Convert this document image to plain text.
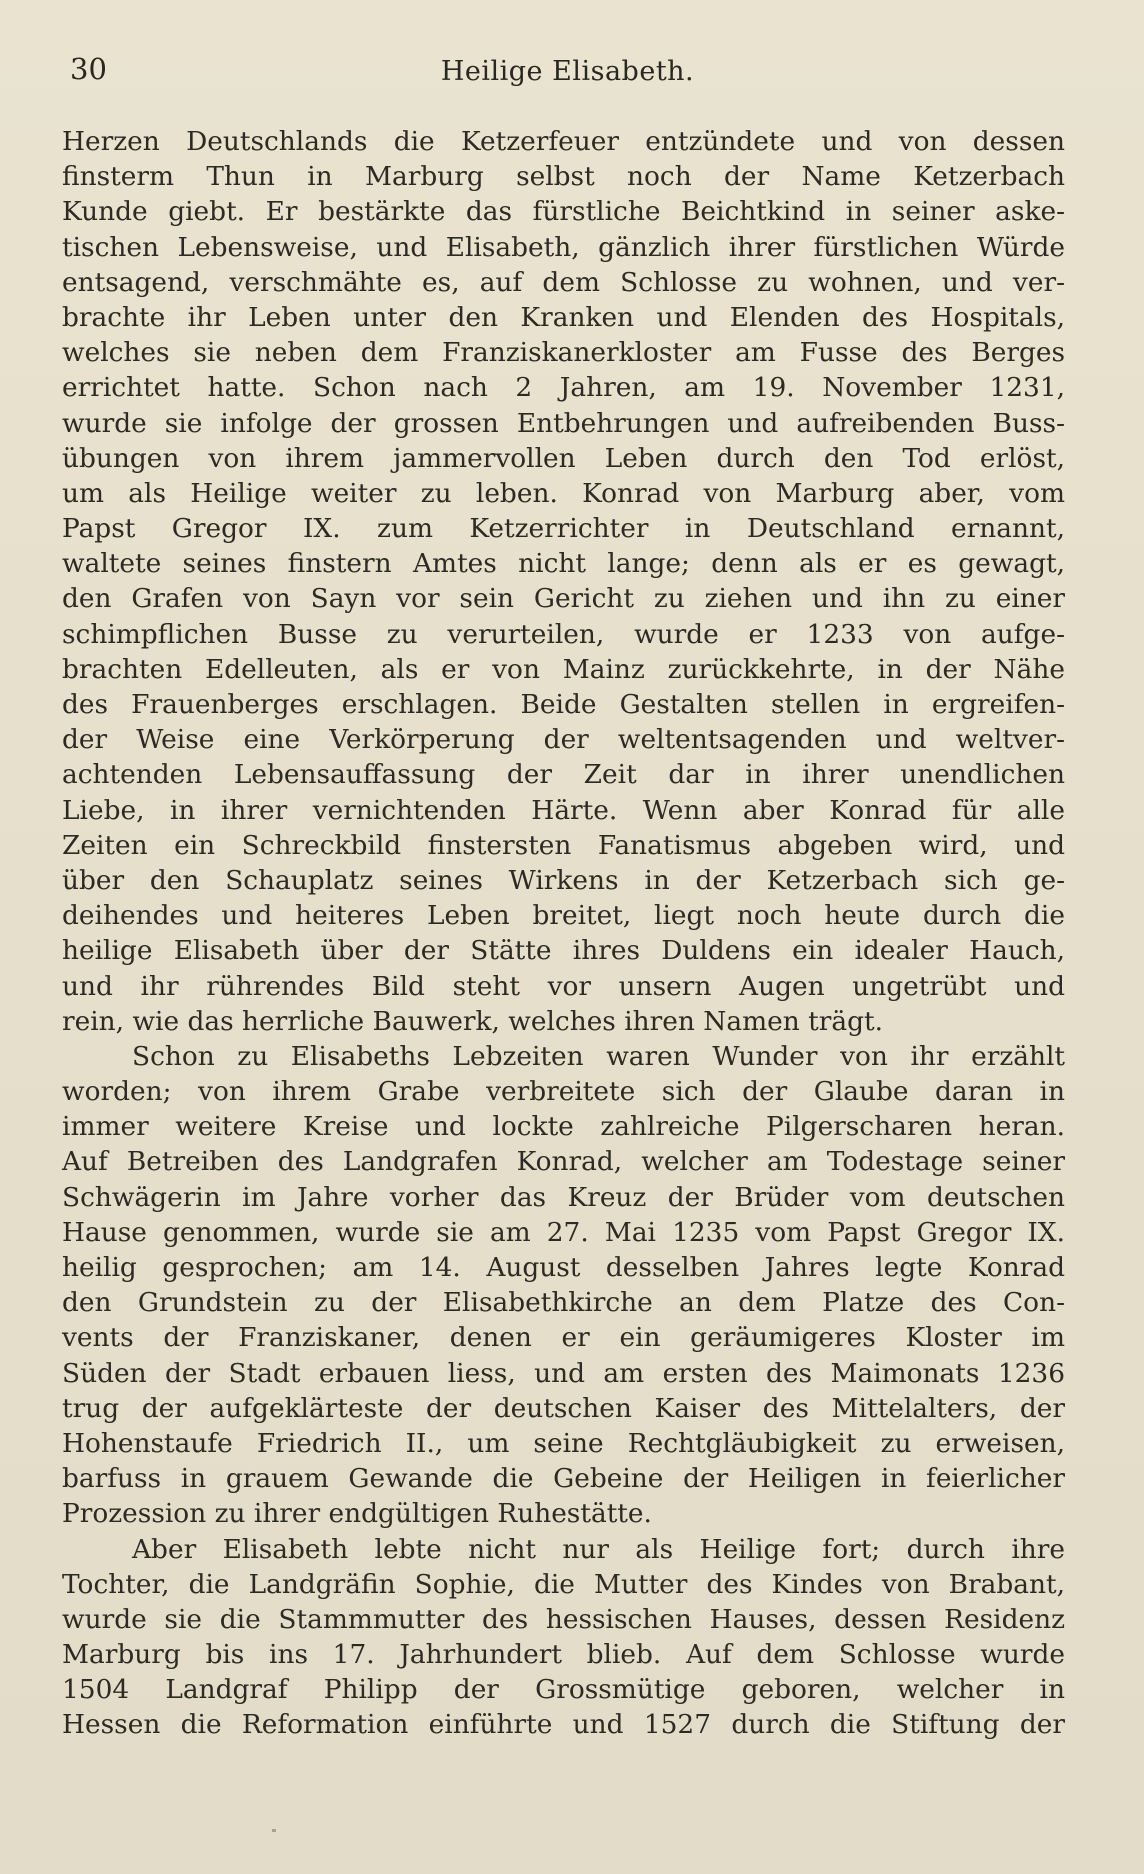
30	Heilige Elisabeth.
Herzen Deutschlands die Ketzerfeuer entzündete und von dessen
finsterm Thun in Marburg selbst noch der Name Ketzerbach
Kunde giebt. Er bestärkte das fürstliche Beichtkind in seiner aske-
tischen Lebensweise, und Elisabeth, gänzlich ihrer fürstlichen Würde
entsagend, verschmähte es, auf dem Schlosse zu wohnen, und ver-
brachte ihr Leben unter den Kranken und Elenden des Hospitals,
welches sie neben dem Franziskanerkloster am Fusse des Berges
errichtet hatte. Schon nach 2 Jahren, am 19. November 1231,
wurde sie infolge der grossen Entbehrungen und aufreibenden Buss-
übungen von ihrem jammervollen Leben durch den Tod erlöst,
um als Heilige weiter zu leben. Konrad von Marburg aber, vom
Papst Gregor IX. zum Ketzerrichter in Deutschland ernannt,
waltete seines finstern Amtes nicht lange; denn als er es gewagt,
den Grafen von Sayn vor sein Gericht zu ziehen und ihn zu einer
schimpflichen Busse zu verurteilen, wurde er 1233 von aufge-
brachten Edelleuten, als er von Mainz zurückkehrte, in der Nähe
des Frauenberges erschlagen. Beide Gestalten stellen in ergreifen-
der Weise eine Verkörperung der weltentsagenden und weltver-
achtenden Lebensauffassung der Zeit dar in ihrer unendlichen
Liebe, in ihrer vernichtenden Härte. Wenn aber Konrad für alle
Zeiten ein Schreckbild finstersten Fanatismus abgeben wird, und
über den Schauplatz seines Wirkens in der Ketzerbach sich ge-
deihendes und heiteres Leben breitet, liegt noch heute durch die
heilige Elisabeth über der Stätte ihres Duldens ein idealer Hauch,
und ihr rührendes Bild steht vor unsern Augen ungetrübt und
rein, wie das herrliche Bauwerk, welches ihren Namen trägt.
Schon zu Elisabeths Lebzeiten waren Wunder von ihr erzählt
worden; von ihrem Grabe verbreitete sich der Glaube daran in
immer weitere Kreise und lockte zahlreiche Pilgerscharen heran.
Auf Betreiben des Landgrafen Konrad, welcher am Todestage seiner
Schwägerin im Jahre vorher das Kreuz der Brüder vom deutschen
Hause genommen, wurde sie am 27. Mai 1235 vom Papst Gregor IX.
heilig gesprochen; am 14. August desselben Jahres legte Konrad
den Grundstein zu der Elisabethkirche an dem Platze des Con-
vents der Franziskaner, denen er ein geräumigeres Kloster im
Süden der Stadt erbauen liess, und am ersten des Maimonats 1236
trug der aufgeklärteste der deutschen Kaiser des Mittelalters, der
Hohenstaufe Friedrich II., um seine Rechtgläubigkeit zu erweisen,
barfuss in grauem Gewande die Gebeine der Heiligen in feierlicher
Prozession zu ihrer endgültigen Ruhestätte.
Aber Elisabeth lebte nicht nur als Heilige fort; durch ihre
Tochter, die Landgräfin Sophie, die Mutter des Kindes von Brabant,
wurde sie die Stammmutter des hessischen Hauses, dessen Residenz
Marburg bis ins 17. Jahrhundert blieb. Auf dem Schlosse wurde
1504 Landgraf Philipp der Grossmütige geboren, welcher in
Hessen die Reformation einführte und 1527 durch die Stiftung der
